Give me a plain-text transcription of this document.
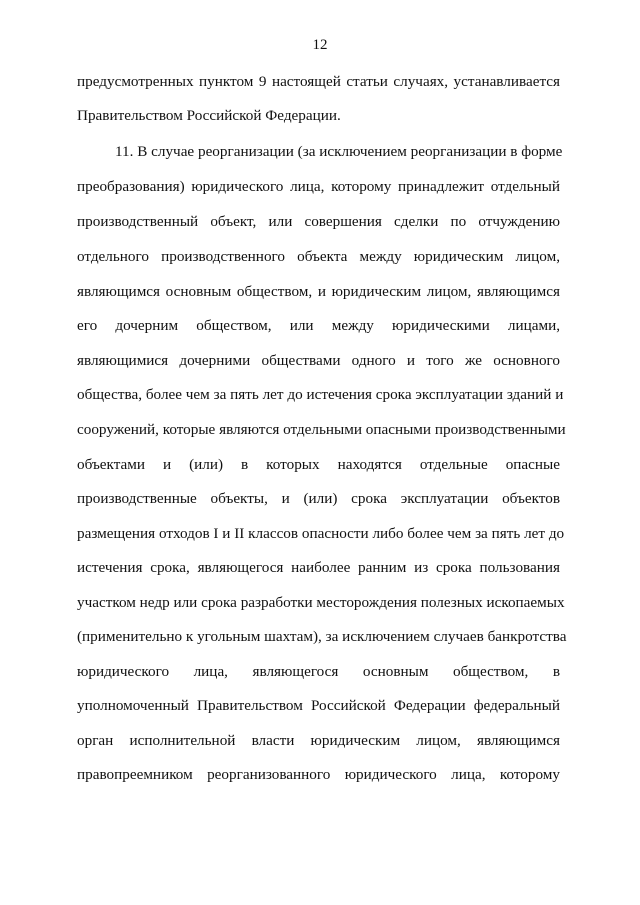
12
предусмотренных пунктом 9 настоящей статьи случаях, устанавливается
Правительством Российской Федерации.
11. В случае реорганизации (за исключением реорганизации в форме
преобразования) юридического лица, которому принадлежит отдельный
производственный объект, или совершения сделки по отчуждению
отдельного производственного объекта между юридическим лицом,
являющимся основным обществом, и юридическим лицом, являющимся
его дочерним обществом, или между юридическими лицами,
являющимися дочерними обществами одного и того же основного
общества, более чем за пять лет до истечения срока эксплуатации зданий и
сооружений, которые являются отдельными опасными производственными
объектами и (или) в которых находятся отдельные опасные
производственные объекты, и (или) срока эксплуатации объектов
размещения отходов I и II классов опасности либо более чем за пять лет до
истечения срока, являющегося наиболее ранним из срока пользования
участком недр или срока разработки месторождения полезных ископаемых
(применительно к угольным шахтам), за исключением случаев банкротства
юридического лица, являющегося основным обществом, в
уполномоченный Правительством Российской Федерации федеральный
орган исполнительной власти юридическим лицом, являющимся
правопреемником реорганизованного юридического лица, которому
